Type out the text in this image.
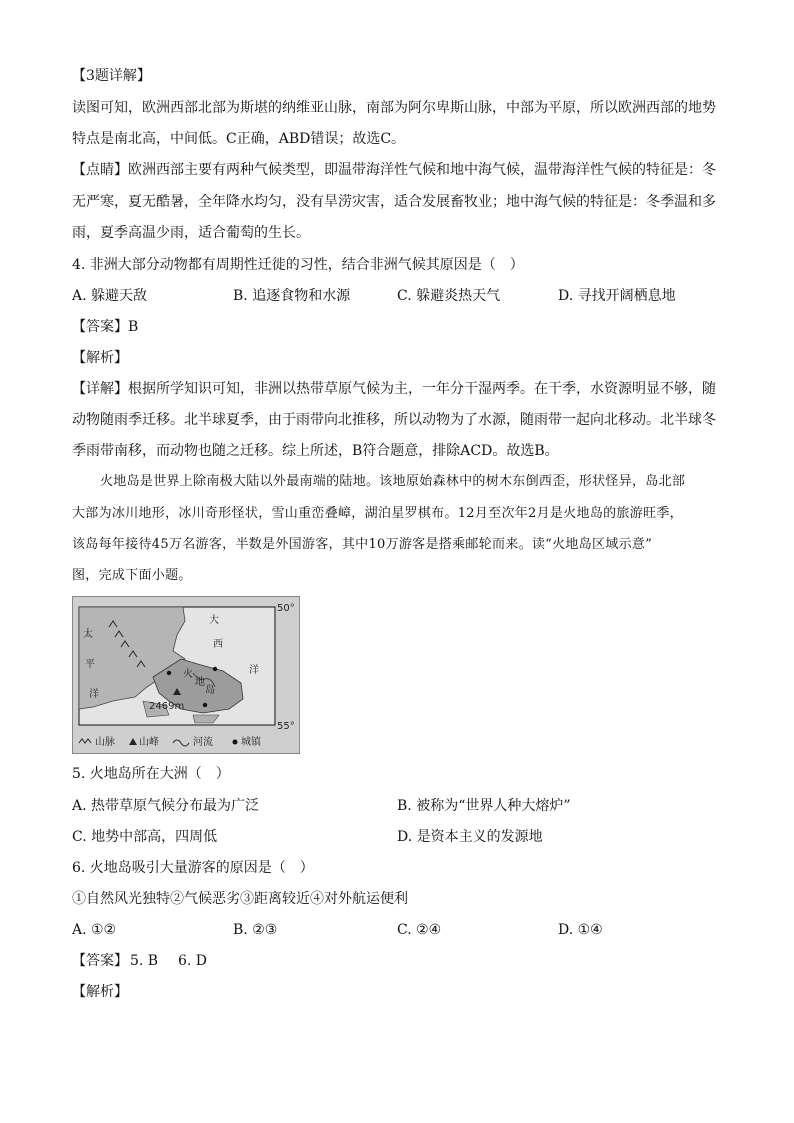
【3题详解】
读图可知，欧洲西部北部为斯堪的纳维亚山脉，南部为阿尔卑斯山脉，中部为平原，所以欧洲西部的地势
特点是南北高，中间低。C正确，ABD错误；故选C。
【点睛】欧洲西部主要有两种气候类型，即温带海洋性气候和地中海气候，温带海洋性气候的特征是：冬
无严寒，夏无酷暑，全年降水均匀，没有旱涝灾害，适合发展畜牧业；地中海气候的特征是：冬季温和多
雨，夏季高温少雨，适合葡萄的生长。
4. 非洲大部分动物都有周期性迁徙的习性，结合非洲气候其原因是（　）
A. 躲避天敌	B. 追逐食物和水源	C. 躲避炎热天气	D. 寻找开阔栖息地
【答案】B
【解析】
【详解】根据所学知识可知，非洲以热带草原气候为主，一年分干湿两季。在干季，水资源明显不够，随
动物随雨季迁移。北半球夏季，由于雨带向北推移，所以动物为了水源，随雨带一起向北移动。北半球冬
季雨带南移，而动物也随之迁移。综上所述，B符合题意，排除ACD。故选B。
火地岛是世界上除南极大陆以外最南端的陆地。该地原始森林中的树木东倒西歪，形状怪异，岛北部
大部为冰川地形，冰川奇形怪状，雪山重峦叠嶂，湖泊星罗棋布。12月至次年2月是火地岛的旅游旺季，
该岛每年接待45万名游客，半数是外国游客，其中10万游客是搭乘邮轮而来。读“火地岛区域示意”
图，完成下面小题。
50°
55°
太
平
洋
大
西
洋
火
地
岛
2469m
山脉 山峰	河流	城镇
5. 火地岛所在大洲（　）
A. 热带草原气候分布最为广泛	B. 被称为“世界人种大熔炉”
C. 地势中部高，四周低	D. 是资本主义的发源地
6. 火地岛吸引大量游客的原因是（　）
①自然风光独特②气候恶劣③距离较近④对外航运便利
A. ①②	B. ②③	C. ②④	D. ①④
【答案】 5. B 6. D
【解析】
